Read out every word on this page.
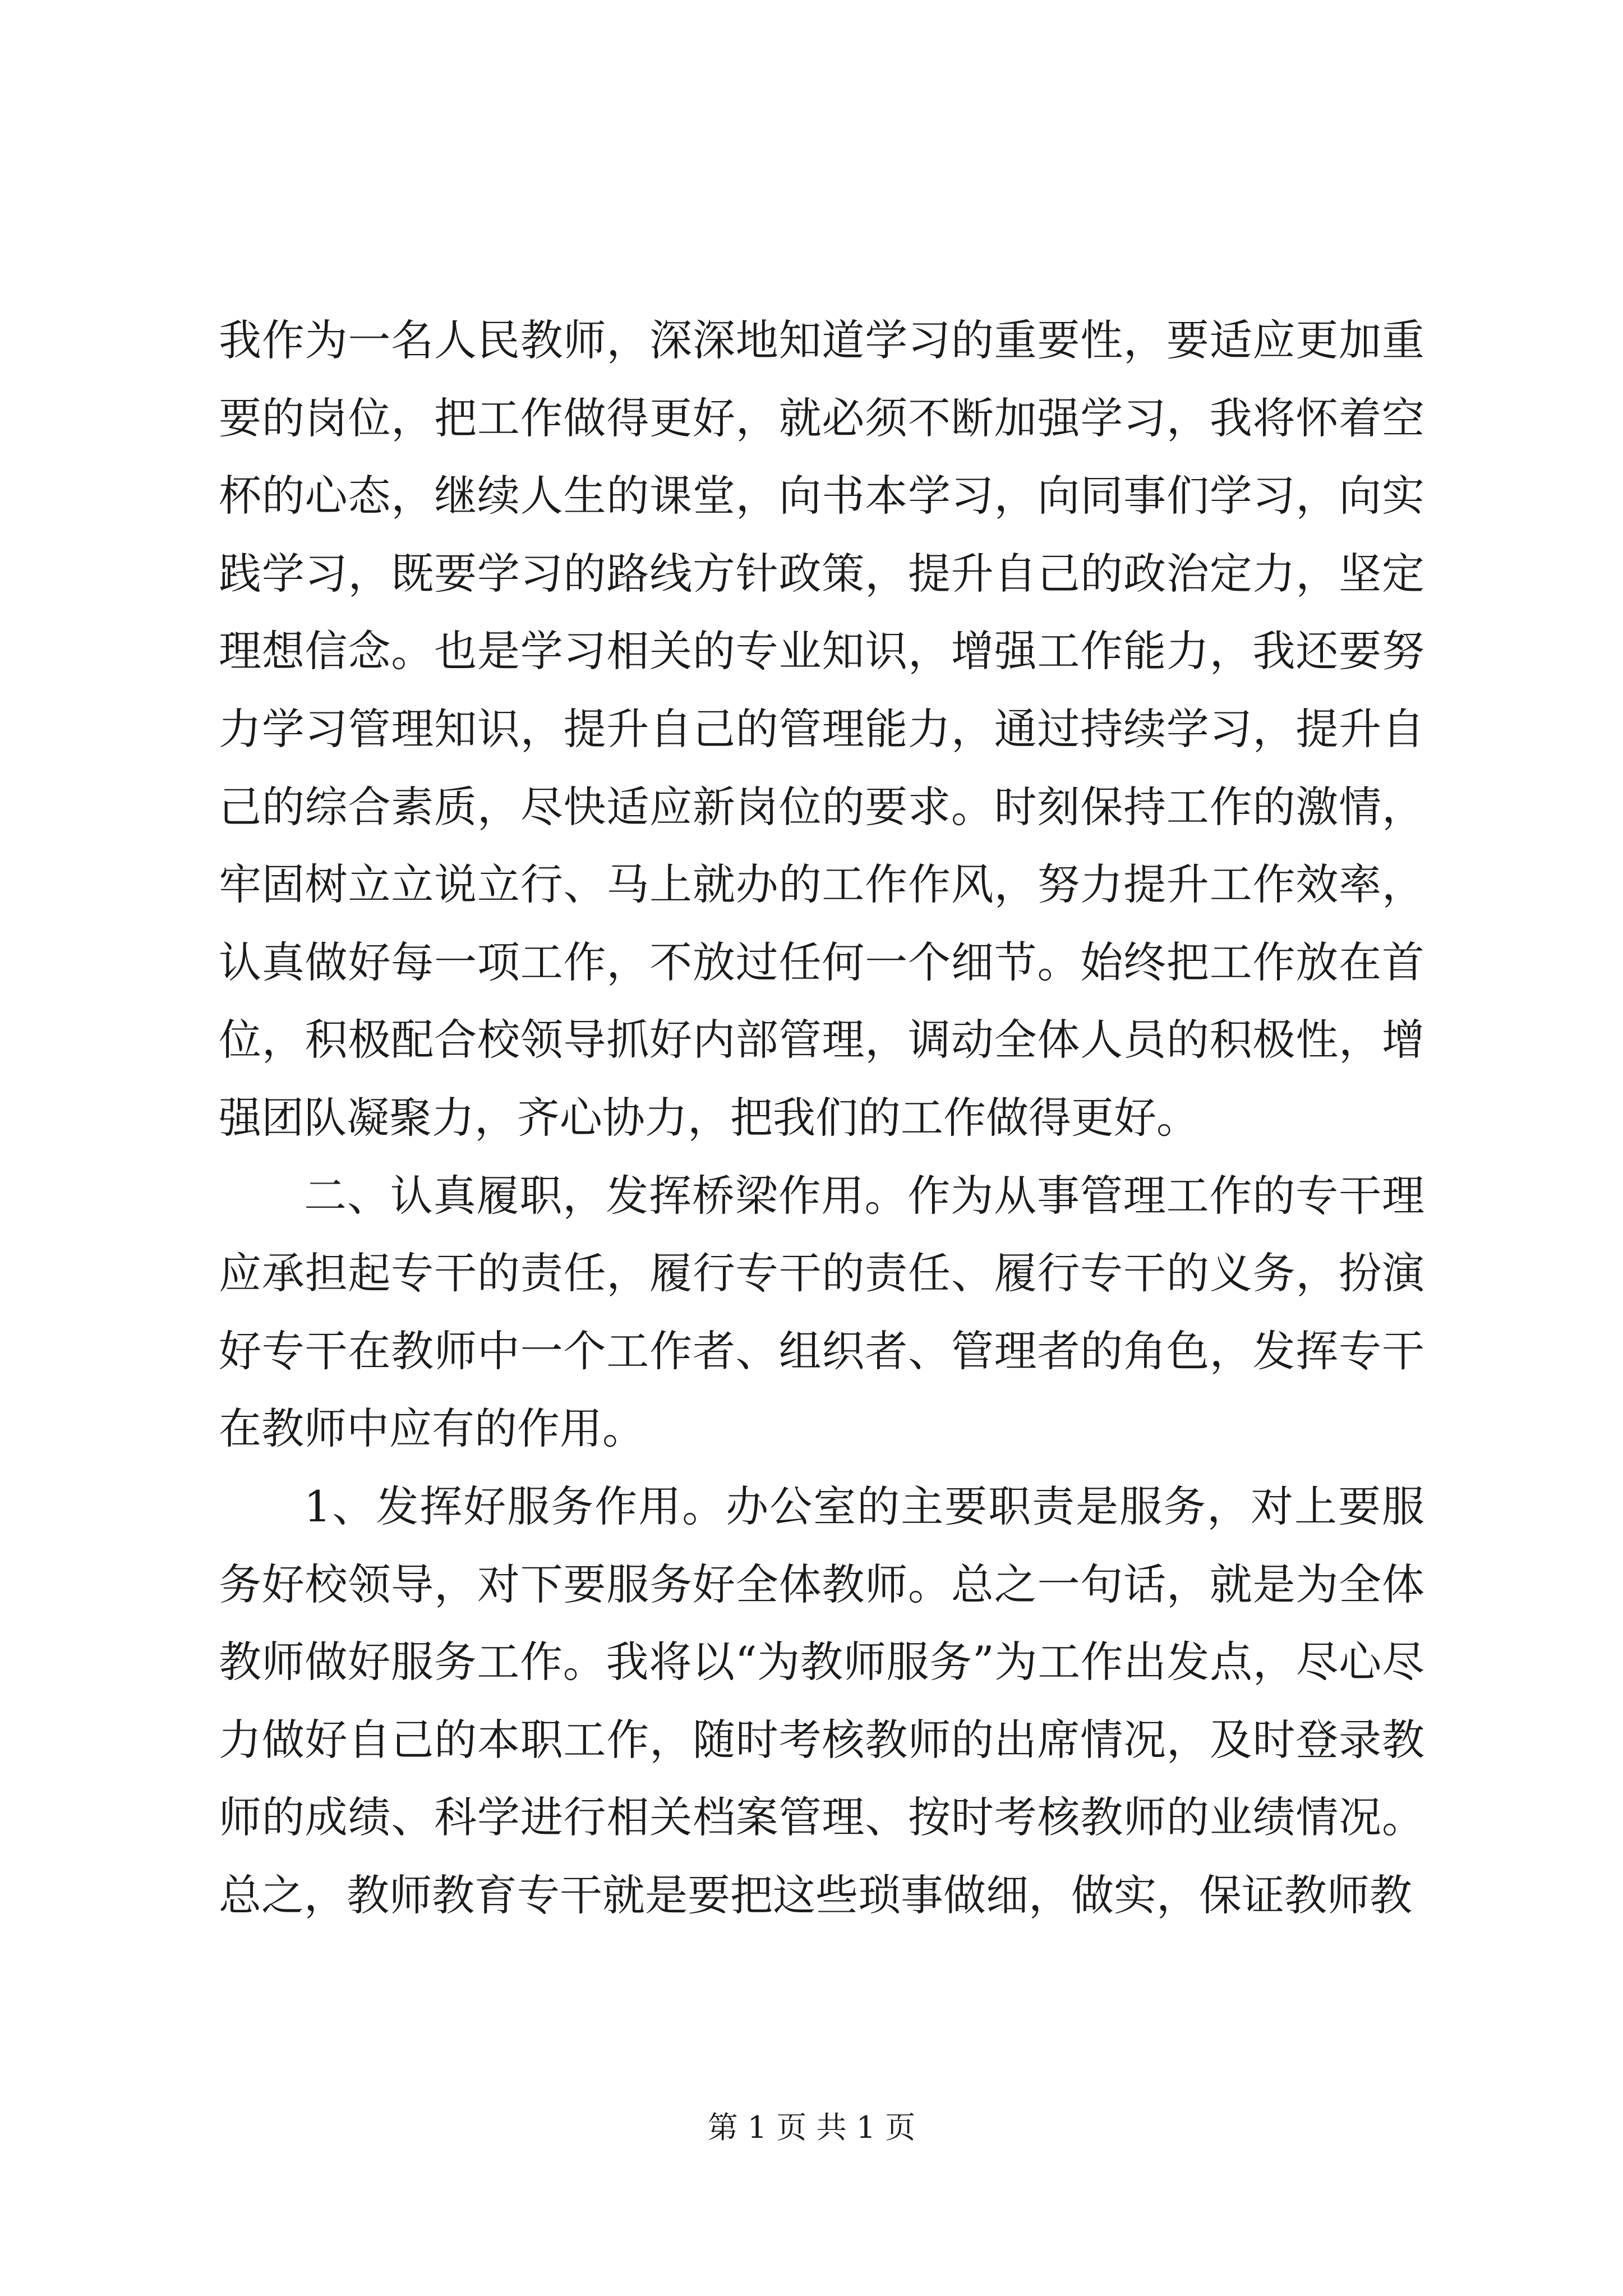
我作为一名人民教师，深深地知道学习的重要性，要适应更加重要的岗位，把工作做得更好，就必须不断加强学习，我将怀着空杯的心态，继续人生的课堂，向书本学习，向同事们学习，向实践学习，既要学习的路线方针政策，提升自己的政治定力，坚定理想信念。也是学习相关的专业知识，增强工作能力，我还要努力学习管理知识，提升自己的管理能力，通过持续学习，提升自己的综合素质，尽快适应新岗位的要求。时刻保持工作的激情，牢固树立立说立行、马上就办的工作作风，努力提升工作效率，认真做好每一项工作，不放过任何一个细节。始终把工作放在首位，积极配合校领导抓好内部管理，调动全体人员的积极性，增强团队凝聚力，齐心协力，把我们的工作做得更好。

二、认真履职，发挥桥梁作用。作为从事管理工作的专干理应承担起专干的责任，履行专干的责任、履行专干的义务，扮演好专干在教师中一个工作者、组织者、管理者的角色，发挥专干在教师中应有的作用。

1、发挥好服务作用。办公室的主要职责是服务，对上要服务好校领导，对下要服务好全体教师。总之一句话，就是为全体教师做好服务工作。我将以“为教师服务”为工作出发点，尽心尽力做好自己的本职工作，随时考核教师的出席情况，及时登录教师的成绩、科学进行相关档案管理、按时考核教师的业绩情况。总之，教师教育专干就是要把这些琐事做细，做实，保证教师教

第 1 页 共 1 页
